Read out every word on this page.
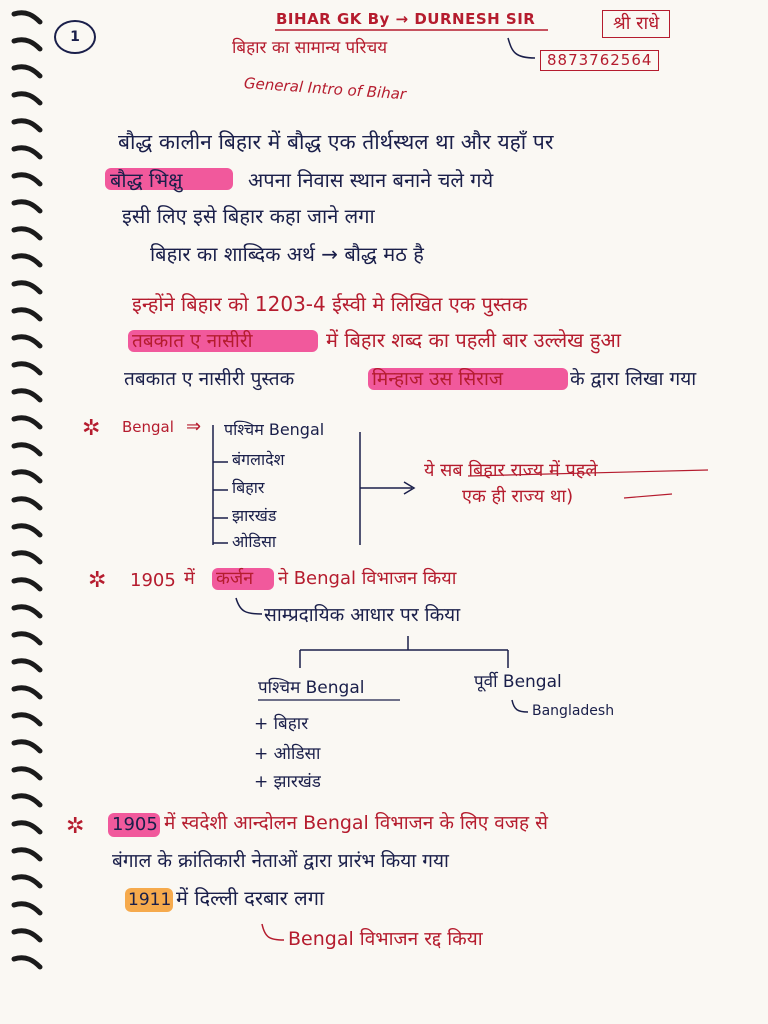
1
BIHAR GK By → DURNESH SIR	श्री राधे
बिहार का सामान्य परिचय
8873762564
General Intro of Bihar
बौद्ध कालीन बिहार में बौद्ध एक तीर्थस्थल था और यहाँ पर
बौद्ध भिक्षु	अपना निवास स्थान बनाने चले गये
इसी लिए इसे बिहार कहा जाने लगा
बिहार का शाब्दिक अर्थ → बौद्ध मठ है
इन्होंने बिहार को 1203-4 ईस्वी मे लिखित एक पुस्तक
तबकात ए नासीरी	में बिहार शब्द का पहली बार उल्लेख हुआ
तबकात ए नासीरी पुस्तक	मिन्हाज उस सिराज	के द्वारा लिखा गया
✲ Bengal ⇒ पश्चिम Bengal
बंगलादेश
बिहार
झारखंड
ओडिसा
ये सब बिहार राज्य में पहले
एक ही राज्य था)
✲ 1905 में कर्जन ने Bengal विभाजन किया
साम्प्रदायिक आधार पर किया
पश्चिम Bengal
+ बिहार
+ ओडिसा
+ झारखंड
पूर्वी Bengal
Bangladesh
✲ 1905 में स्वदेशी आन्दोलन Bengal विभाजन के लिए वजह से
बंगाल के क्रांतिकारी नेताओं द्वारा प्रारंभ किया गया
1911 में दिल्ली दरबार लगा
Bengal विभाजन रद्द किया
